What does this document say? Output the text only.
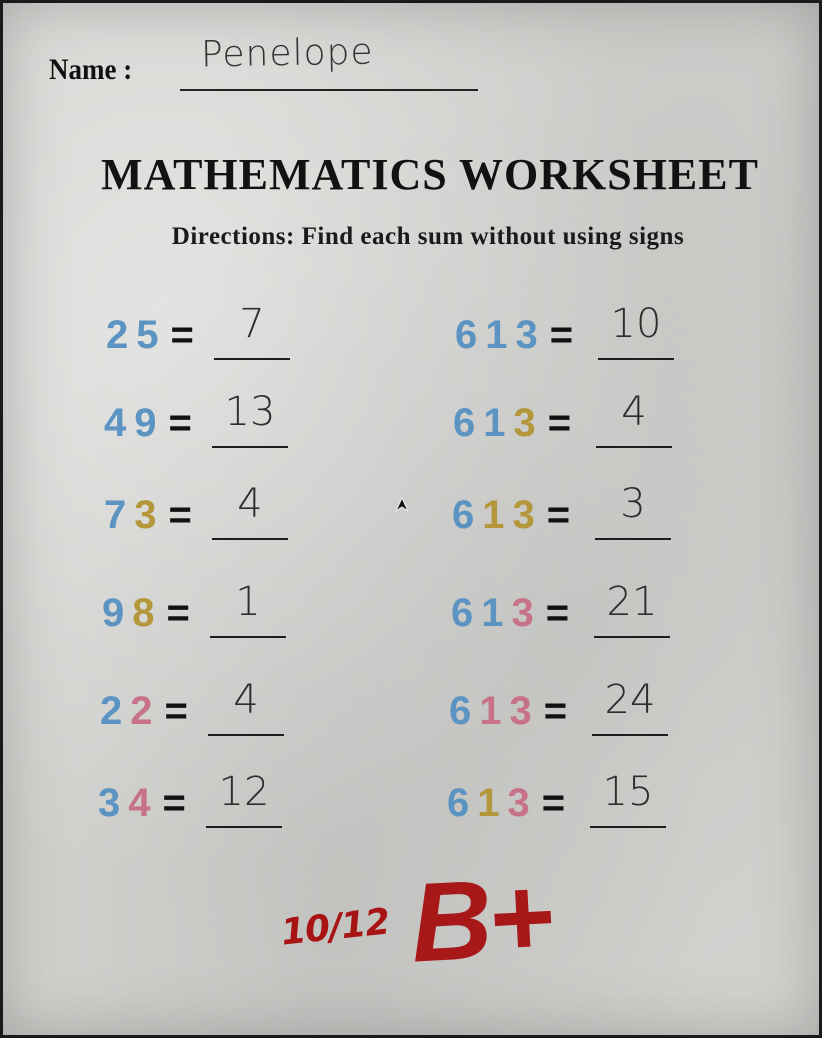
Name : Penelope
MATHEMATICS WORKSHEET
Directions: Find each sum without using signs
2 5 =	7
4 9 = 13
7 3 =	4
9 8 =	1
2 2 =	4
3 4 = 12
6 1 3 = 10
6 1 3 =	4
6 1 3 =	3
6 1 3 = 21
6 1 3 = 24
6 1 3 = 15
10/12 B+
